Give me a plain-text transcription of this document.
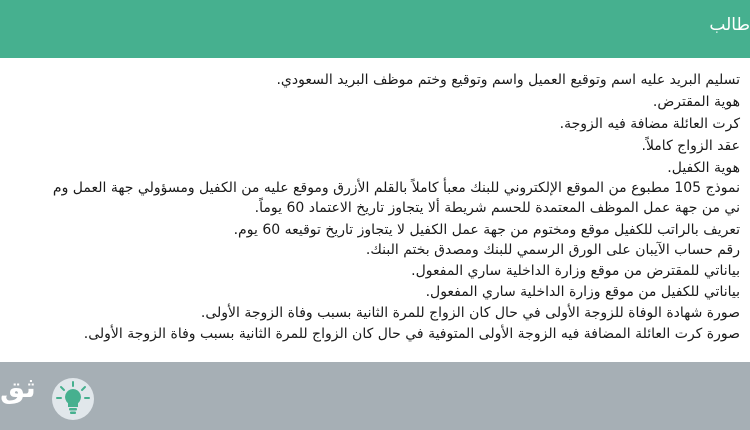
طالب
تسليم البريد عليه اسم وتوقيع العميل واسم وتوقيع وختم موظف البريد السعودي.
هوية المقترض.
كرت العائلة مضافة فيه الزوجة.
عقد الزواج كاملاً.
هوية الكفيل.
نموذج 105 مطبوع من الموقع الإلكتروني للبنك معبأ كاملاً بالقلم الأزرق وموقع عليه من الكفيل ومسؤولي جهة العمل وم
ني من جهة عمل الموظف المعتمدة للحسم شريطة ألا يتجاوز تاريخ الاعتماد 60 يوماً.
تعريف بالراتب للكفيل موقع ومختوم من جهة عمل الكفيل لا يتجاوز تاريخ توقيعه 60 يوم.
رقم حساب الآيبان على الورق الرسمي للبنك ومصدق بختم البنك.
بياناتي للمقترض من موقع وزارة الداخلية ساري المفعول.
بياناتي للكفيل من موقع وزارة الداخلية ساري المفعول.
صورة شهادة الوفاة للزوجة الأولى في حال كان الزواج للمرة الثانية بسبب وفاة الزوجة الأولى.
صورة كرت العائلة المضافة فيه الزوجة الأولى المتوفية في حال كان الزواج للمرة الثانية بسبب وفاة الزوجة الأولى.
ثق
